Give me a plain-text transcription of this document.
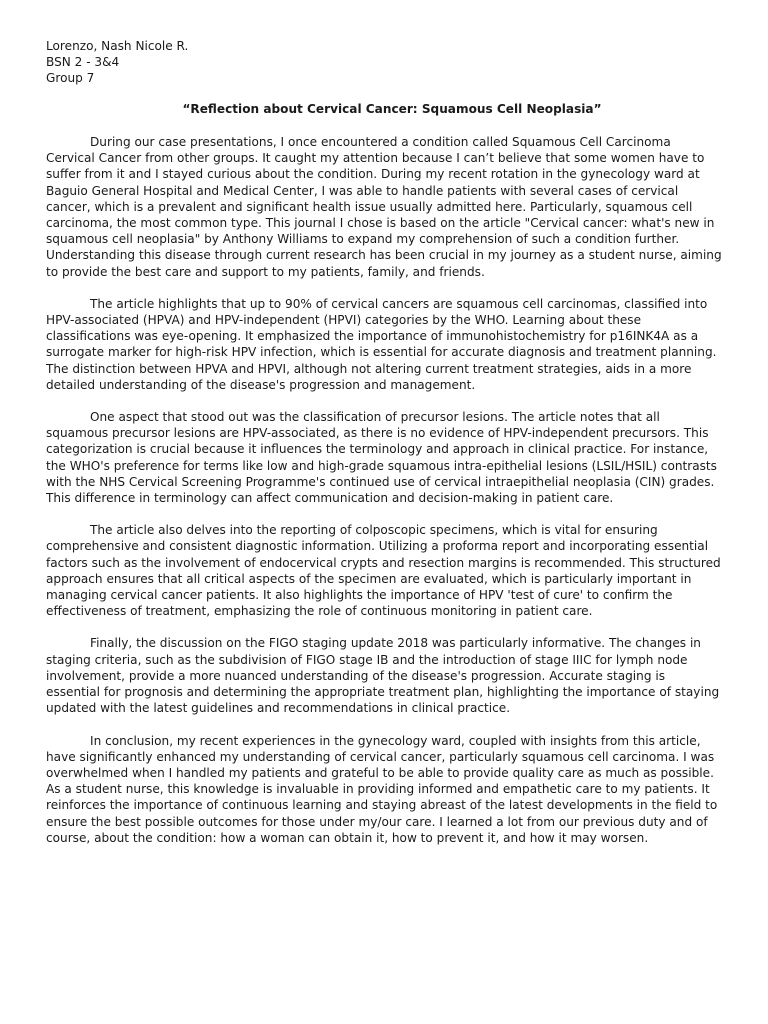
Lorenzo, Nash Nicole R.

BSN 2 - 3&4

Group 7

“Reflection about Cervical Cancer: Squamous Cell Neoplasia”

During our case presentations, I once encountered a condition called Squamous Cell Carcinoma Cervical Cancer from other groups. It caught my attention because I can’t believe that some women have to suffer from it and I stayed curious about the condition. During my recent rotation in the gynecology ward at Baguio General Hospital and Medical Center, I was able to handle patients with several cases of cervical cancer, which is a prevalent and significant health issue usually admitted here. Particularly, squamous cell carcinoma, the most common type. This journal I chose is based on the article "Cervical cancer: what's new in squamous cell neoplasia" by Anthony Williams to expand my comprehension of such a condition further. Understanding this disease through current research has been crucial in my journey as a student nurse, aiming to provide the best care and support to my patients, family, and friends.

The article highlights that up to 90% of cervical cancers are squamous cell carcinomas, classified into HPV-associated (HPVA) and HPV-independent (HPVI) categories by the WHO. Learning about these classifications was eye-opening. It emphasized the importance of immunohistochemistry for p16INK4A as a surrogate marker for high-risk HPV infection, which is essential for accurate diagnosis and treatment planning. The distinction between HPVA and HPVI, although not altering current treatment strategies, aids in a more detailed understanding of the disease's progression and management.

One aspect that stood out was the classification of precursor lesions. The article notes that all squamous precursor lesions are HPV-associated, as there is no evidence of HPV-independent precursors. This categorization is crucial because it influences the terminology and approach in clinical practice. For instance, the WHO's preference for terms like low and high-grade squamous intra-epithelial lesions (LSIL/HSIL) contrasts with the NHS Cervical Screening Programme's continued use of cervical intraepithelial neoplasia (CIN) grades. This difference in terminology can affect communication and decision-making in patient care.

The article also delves into the reporting of colposcopic specimens, which is vital for ensuring comprehensive and consistent diagnostic information. Utilizing a proforma report and incorporating essential factors such as the involvement of endocervical crypts and resection margins is recommended. This structured approach ensures that all critical aspects of the specimen are evaluated, which is particularly important in managing cervical cancer patients. It also highlights the importance of HPV 'test of cure' to confirm the effectiveness of treatment, emphasizing the role of continuous monitoring in patient care.

Finally, the discussion on the FIGO staging update 2018 was particularly informative. The changes in staging criteria, such as the subdivision of FIGO stage IB and the introduction of stage IIIC for lymph node involvement, provide a more nuanced understanding of the disease's progression. Accurate staging is essential for prognosis and determining the appropriate treatment plan, highlighting the importance of staying updated with the latest guidelines and recommendations in clinical practice.

In conclusion, my recent experiences in the gynecology ward, coupled with insights from this article, have significantly enhanced my understanding of cervical cancer, particularly squamous cell carcinoma. I was overwhelmed when I handled my patients and grateful to be able to provide quality care as much as possible. As a student nurse, this knowledge is invaluable in providing informed and empathetic care to my patients. It reinforces the importance of continuous learning and staying abreast of the latest developments in the field to ensure the best possible outcomes for those under my/our care. I learned a lot from our previous duty and of course, about the condition: how a woman can obtain it, how to prevent it, and how it may worsen.
